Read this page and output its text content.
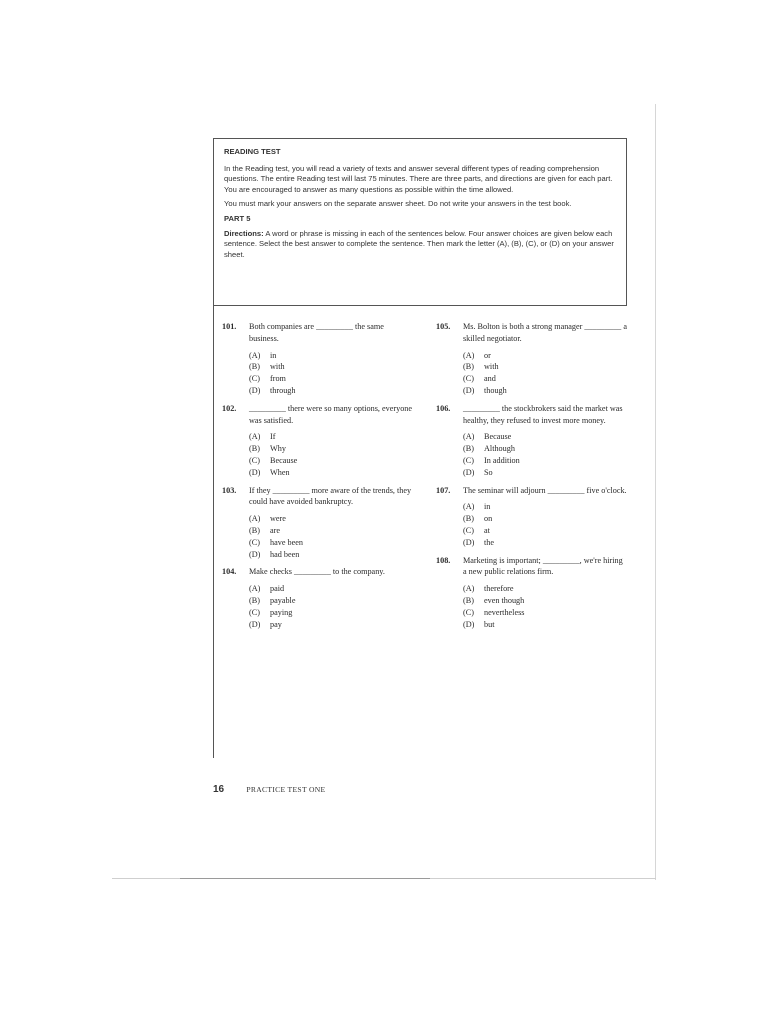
READING TEST

In the Reading test, you will read a variety of texts and answer several different types of reading comprehension questions. The entire Reading test will last 75 minutes. There are three parts, and directions are given for each part. You are encouraged to answer as many questions as possible within the time allowed.

You must mark your answers on the separate answer sheet. Do not write your answers in the test book.

PART 5

Directions: A word or phrase is missing in each of the sentences below. Four answer choices are given below each sentence. Select the best answer to complete the sentence. Then mark the letter (A), (B), (C), or (D) on your answer sheet.

101. Both companies are _________ the same business.
(A) in
(B) with
(C) from
(D) through
102. _________ there were so many options, everyone was satisfied.
(A) If
(B) Why
(C) Because
(D) When
103. If they _________ more aware of the trends, they could have avoided bankruptcy.
(A) were
(B) are
(C) have been
(D) had been
104. Make checks _________ to the company.
(A) paid
(B) payable
(C) paying
(D) pay
105. Ms. Bolton is both a strong manager _________ a skilled negotiator.
(A) or
(B) with
(C) and
(D) though
106. _________ the stockbrokers said the market was healthy, they refused to invest more money.
(A) Because
(B) Although
(C) In addition
(D) So
107. The seminar will adjourn _________ five o'clock.
(A) in
(B) on
(C) at
(D) the
108. Marketing is important; _________, we're hiring a new public relations firm.
(A) therefore
(B) even though
(C) nevertheless
(D) but
16	PRACTICE TEST ONE
